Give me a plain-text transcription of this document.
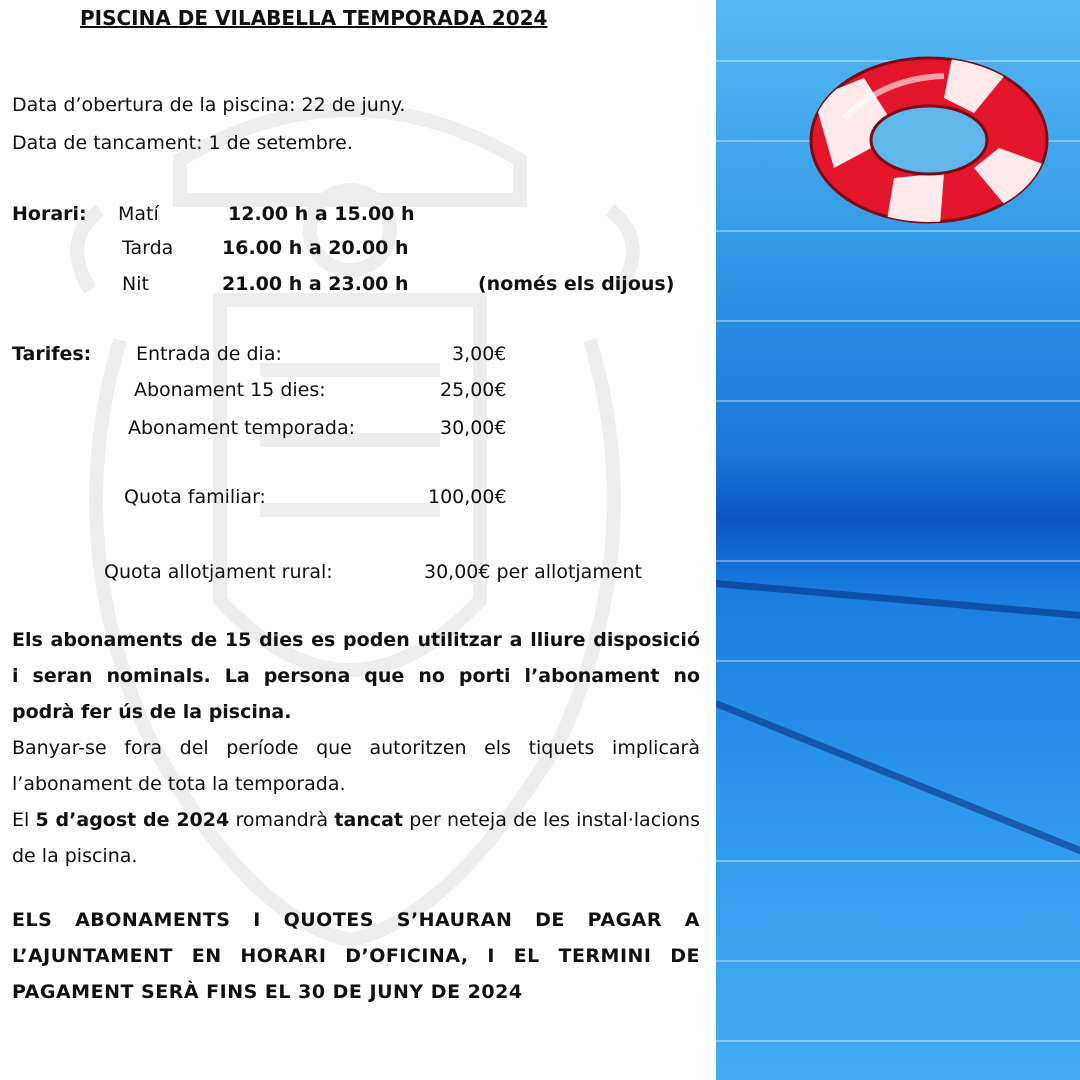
PISCINA DE VILABELLA TEMPORADA 2024
Data d’obertura de la piscina: 22 de juny.
Data de tancament: 1 de setembre.
Horari: Matí	12.00 h a 15.00 h
Tarda	16.00 h a 20.00 h
Nit	21.00 h a 23.00 h	(només els dijous)
Tarifes: Entrada de dia:	3,00€
Abonament 15 dies:	25,00€
Abonament temporada:	30,00€
Quota familiar:	100,00€
Quota allotjament rural:	30,00€ per allotjament
Els abonaments de 15 dies es poden utilitzar a lliure disposició i seran nominals. La persona que no porti l’abonament no podrà fer ús de la piscina.
Banyar-se fora del període que autoritzen els tiquets implicarà l’abonament de tota la temporada.
El 5 d’agost de 2024 romandrà tancat per neteja de les instal·lacions de la piscina.
ELS ABONAMENTS I QUOTES S’HAURAN DE PAGAR A L’AJUNTAMENT EN HORARI D’OFICINA, I EL TERMINI DE PAGAMENT SERÀ FINS EL 30 DE JUNY DE 2024
